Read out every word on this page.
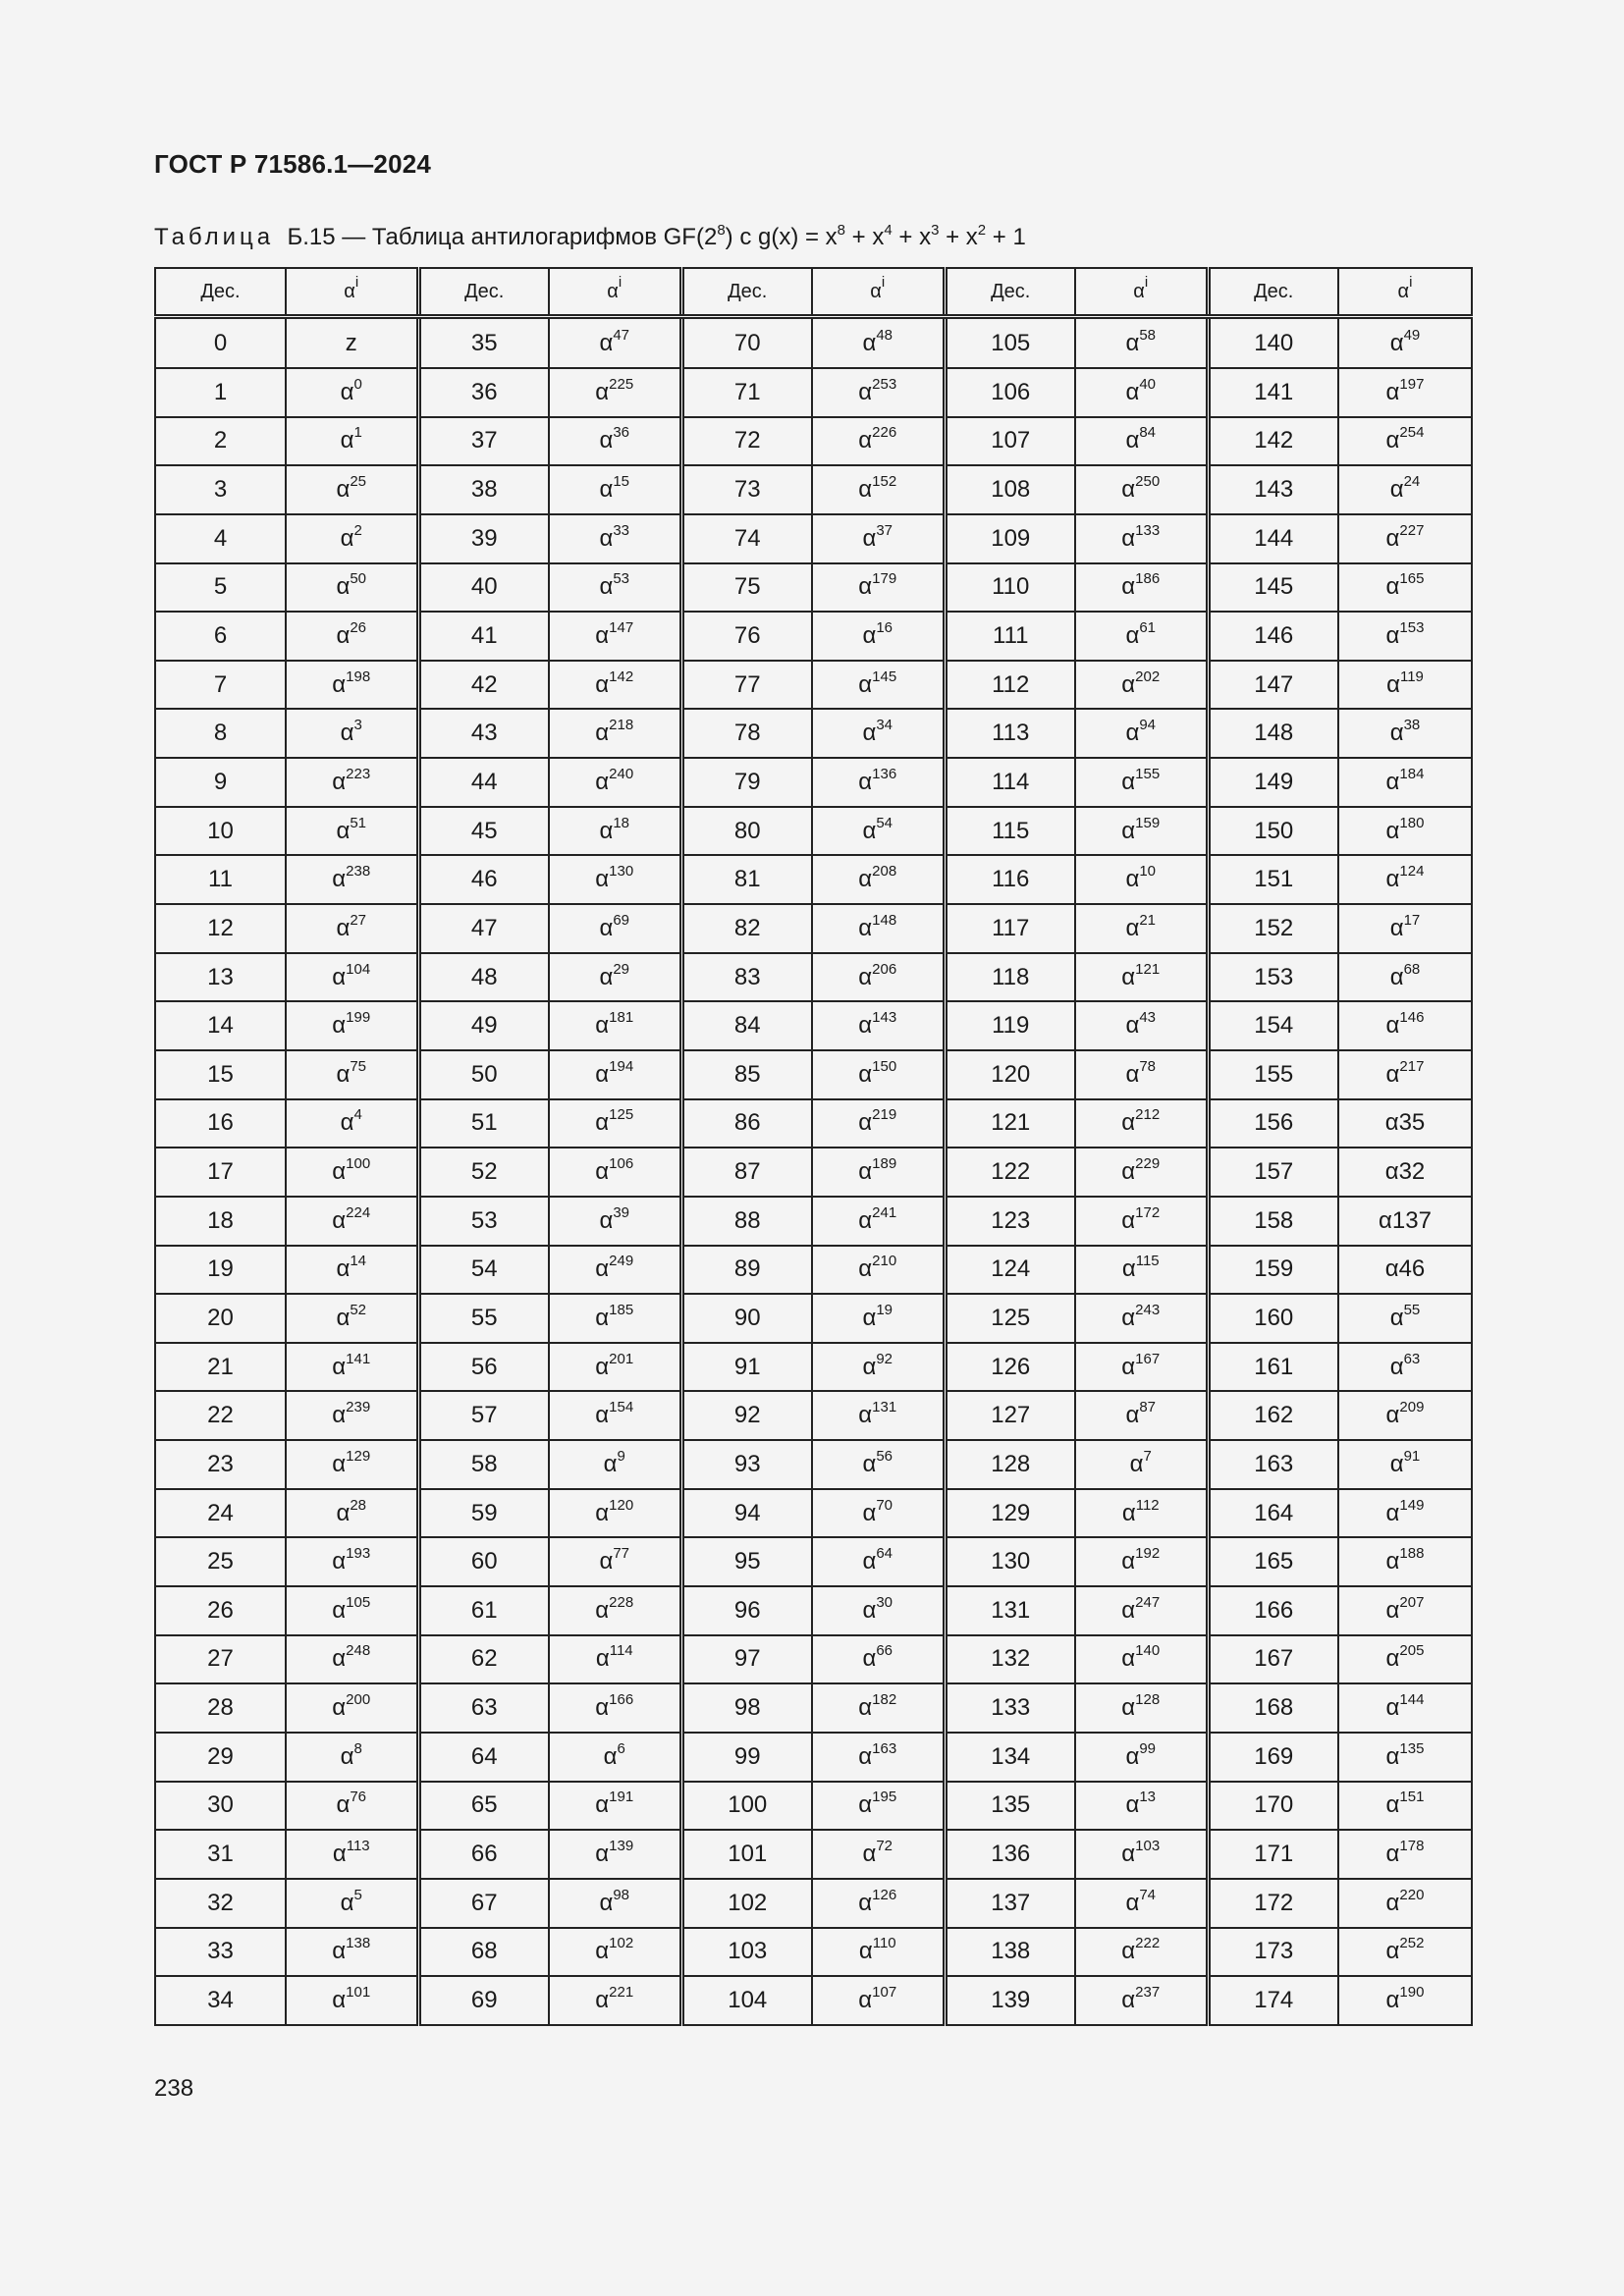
ГОСТ Р 71586.1—2024
Таблица Б.15 — Таблица антилогарифмов $GF(2^8)$ с $g(x) = x^8 + x^4 + x^3 + x^2 + 1$
Дес.	$\alpha^i$	Дес.	$\alpha^i$	Дес.	$\alpha^i$	Дес.	$\alpha^i$	Дес.	$\alpha^i$
0	z	35	$\alpha^{47}$	70	$\alpha^{48}$	105	$\alpha^{58}$	140	$\alpha^{49}$
1	$\alpha^0$	36	$\alpha^{225}$	71	$\alpha^{253}$	106	$\alpha^{40}$	141	$\alpha^{197}$
2	$\alpha^1$	37	$\alpha^{36}$	72	$\alpha^{226}$	107	$\alpha^{84}$	142	$\alpha^{254}$
3	$\alpha^{25}$	38	$\alpha^{15}$	73	$\alpha^{152}$	108	$\alpha^{250}$	143	$\alpha^{24}$
4	$\alpha^2$	39	$\alpha^{33}$	74	$\alpha^{37}$	109	$\alpha^{133}$	144	$\alpha^{227}$
5	$\alpha^{50}$	40	$\alpha^{53}$	75	$\alpha^{179}$	110	$\alpha^{186}$	145	$\alpha^{165}$
6	$\alpha^{26}$	41	$\alpha^{147}$	76	$\alpha^{16}$	111	$\alpha^{61}$	146	$\alpha^{153}$
7	$\alpha^{198}$	42	$\alpha^{142}$	77	$\alpha^{145}$	112	$\alpha^{202}$	147	$\alpha^{119}$
8	$\alpha^3$	43	$\alpha^{218}$	78	$\alpha^{34}$	113	$\alpha^{94}$	148	$\alpha^{38}$
9	$\alpha^{223}$	44	$\alpha^{240}$	79	$\alpha^{136}$	114	$\alpha^{155}$	149	$\alpha^{184}$
10	$\alpha^{51}$	45	$\alpha^{18}$	80	$\alpha^{54}$	115	$\alpha^{159}$	150	$\alpha^{180}$
11	$\alpha^{238}$	46	$\alpha^{130}$	81	$\alpha^{208}$	116	$\alpha^{10}$	151	$\alpha^{124}$
12	$\alpha^{27}$	47	$\alpha^{69}$	82	$\alpha^{148}$	117	$\alpha^{21}$	152	$\alpha^{17}$
13	$\alpha^{104}$	48	$\alpha^{29}$	83	$\alpha^{206}$	118	$\alpha^{121}$	153	$\alpha^{68}$
14	$\alpha^{199}$	49	$\alpha^{181}$	84	$\alpha^{143}$	119	$\alpha^{43}$	154	$\alpha^{146}$
15	$\alpha^{75}$	50	$\alpha^{194}$	85	$\alpha^{150}$	120	$\alpha^{78}$	155	$\alpha^{217}$
16	$\alpha^4$	51	$\alpha^{125}$	86	$\alpha^{219}$	121	$\alpha^{212}$	156	α35
17	$\alpha^{100}$	52	$\alpha^{106}$	87	$\alpha^{189}$	122	$\alpha^{229}$	157	α32
18	$\alpha^{224}$	53	$\alpha^{39}$	88	$\alpha^{241}$	123	$\alpha^{172}$	158	α137
19	$\alpha^{14}$	54	$\alpha^{249}$	89	$\alpha^{210}$	124	$\alpha^{115}$	159	α46
20	$\alpha^{52}$	55	$\alpha^{185}$	90	$\alpha^{19}$	125	$\alpha^{243}$	160	$\alpha^{55}$
21	$\alpha^{141}$	56	$\alpha^{201}$	91	$\alpha^{92}$	126	$\alpha^{167}$	161	$\alpha^{63}$
22	$\alpha^{239}$	57	$\alpha^{154}$	92	$\alpha^{131}$	127	$\alpha^{87}$	162	$\alpha^{209}$
23	$\alpha^{129}$	58	$\alpha^9$	93	$\alpha^{56}$	128	$\alpha^7$	163	$\alpha^{91}$
24	$\alpha^{28}$	59	$\alpha^{120}$	94	$\alpha^{70}$	129	$\alpha^{112}$	164	$\alpha^{149}$
25	$\alpha^{193}$	60	$\alpha^{77}$	95	$\alpha^{64}$	130	$\alpha^{192}$	165	$\alpha^{188}$
26	$\alpha^{105}$	61	$\alpha^{228}$	96	$\alpha^{30}$	131	$\alpha^{247}$	166	$\alpha^{207}$
27	$\alpha^{248}$	62	$\alpha^{114}$	97	$\alpha^{66}$	132	$\alpha^{140}$	167	$\alpha^{205}$
28	$\alpha^{200}$	63	$\alpha^{166}$	98	$\alpha^{182}$	133	$\alpha^{128}$	168	$\alpha^{144}$
29	$\alpha^8$	64	$\alpha^6$	99	$\alpha^{163}$	134	$\alpha^{99}$	169	$\alpha^{135}$
30	$\alpha^{76}$	65	$\alpha^{191}$	100	$\alpha^{195}$	135	$\alpha^{13}$	170	$\alpha^{151}$
31	$\alpha^{113}$	66	$\alpha^{139}$	101	$\alpha^{72}$	136	$\alpha^{103}$	171	$\alpha^{178}$
32	$\alpha^5$	67	$\alpha^{98}$	102	$\alpha^{126}$	137	$\alpha^{74}$	172	$\alpha^{220}$
33	$\alpha^{138}$	68	$\alpha^{102}$	103	$\alpha^{110}$	138	$\alpha^{222}$	173	$\alpha^{252}$
34	$\alpha^{101}$	69	$\alpha^{221}$	104	$\alpha^{107}$	139	$\alpha^{237}$	174	$\alpha^{190}$
238
